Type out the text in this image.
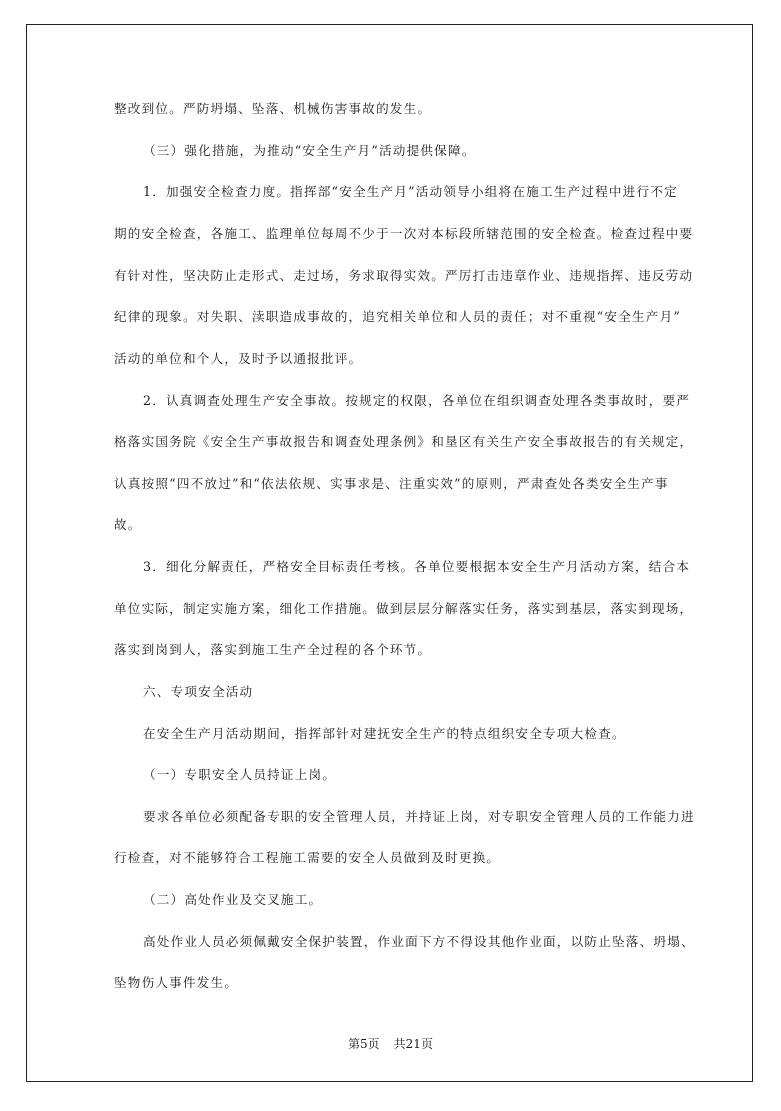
整改到位。严防坍塌、坠落、机械伤害事故的发生。
（三）强化措施，为推动“安全生产月”活动提供保障。
1．加强安全检查力度。指挥部“安全生产月”活动领导小组将在施工生产过程中进行不定
期的安全检查，各施工、监理单位每周不少于一次对本标段所辖范围的安全检查。检查过程中要
有针对性，坚决防止走形式、走过场，务求取得实效。严厉打击违章作业、违规指挥、违反劳动
纪律的现象。对失职、渎职造成事故的，追究相关单位和人员的责任；对不重视“安全生产月”
活动的单位和个人，及时予以通报批评。
2．认真调查处理生产安全事故。按规定的权限，各单位在组织调查处理各类事故时，要严
格落实国务院《安全生产事故报告和调查处理条例》和垦区有关生产安全事故报告的有关规定，
认真按照“四不放过”和“依法依规、实事求是、注重实效”的原则，严肃查处各类安全生产事
故。
3．细化分解责任，严格安全目标责任考核。各单位要根据本安全生产月活动方案，结合本
单位实际，制定实施方案，细化工作措施。做到层层分解落实任务，落实到基层，落实到现场，
落实到岗到人，落实到施工生产全过程的各个环节。
六、专项安全活动
在安全生产月活动期间，指挥部针对建抚安全生产的特点组织安全专项大检查。
（一）专职安全人员持证上岗。
要求各单位必须配备专职的安全管理人员，并持证上岗，对专职安全管理人员的工作能力进
行检查，对不能够符合工程施工需要的安全人员做到及时更换。
（二）高处作业及交叉施工。
高处作业人员必须佩戴安全保护装置，作业面下方不得设其他作业面，以防止坠落、坍塌、
坠物伤人事件发生。
第5页 共21页
